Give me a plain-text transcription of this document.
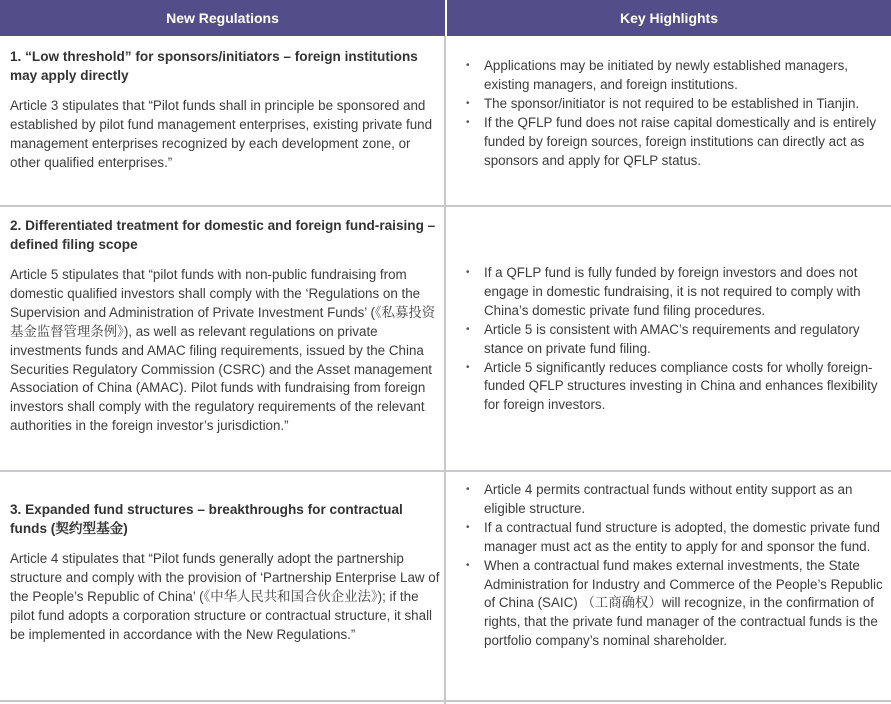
New Regulations	Key Highlights
1. “Low threshold” for sponsors/initiators – foreign institutions may apply directly
Article 3 stipulates that “Pilot funds shall in principle be sponsored and established by pilot fund management enterprises, existing private fund management enterprises recognized by each development zone, or other qualified enterprises.”
• Applications may be initiated by newly established managers, existing managers, and foreign institutions.
• The sponsor/initiator is not required to be established in Tianjin.
• If the QFLP fund does not raise capital domestically and is entirely funded by foreign sources, foreign institutions can directly act as sponsors and apply for QFLP status.
2. Differentiated treatment for domestic and foreign fund-raising – defined filing scope
Article 5 stipulates that “pilot funds with non-public fundraising from domestic qualified investors shall comply with the ‘Regulations on the Supervision and Administration of Private Investment Funds’ (《私募投资基金监督管理条例》), as well as relevant regulations on private investments funds and AMAC filing requirements, issued by the China Securities Regulatory Commission (CSRC) and the Asset management Association of China (AMAC). Pilot funds with fundraising from foreign investors shall comply with the regulatory requirements of the relevant authorities in the foreign investor’s jurisdiction.”
• If a QFLP fund is fully funded by foreign investors and does not engage in domestic fundraising, it is not required to comply with China’s domestic private fund filing procedures.
• Article 5 is consistent with AMAC’s requirements and regulatory stance on private fund filing.
• Article 5 significantly reduces compliance costs for wholly foreign-funded QFLP structures investing in China and enhances flexibility for foreign investors.
3. Expanded fund structures – breakthroughs for contractual funds (契约型基金)
Article 4 stipulates that “Pilot funds generally adopt the partnership structure and comply with the provision of ‘Partnership Enterprise Law of the People’s Republic of China’ (《中华人民共和国合伙企业法》); if the pilot fund adopts a corporation structure or contractual structure, it shall be implemented in accordance with the New Regulations.”
• Article 4 permits contractual funds without entity support as an eligible structure.
• If a contractual fund structure is adopted, the domestic private fund manager must act as the entity to apply for and sponsor the fund.
• When a contractual fund makes external investments, the State Administration for Industry and Commerce of the People’s Republic of China (SAIC) （工商确权）will recognize, in the confirmation of rights, that the private fund manager of the contractual funds is the portfolio company’s nominal shareholder.
